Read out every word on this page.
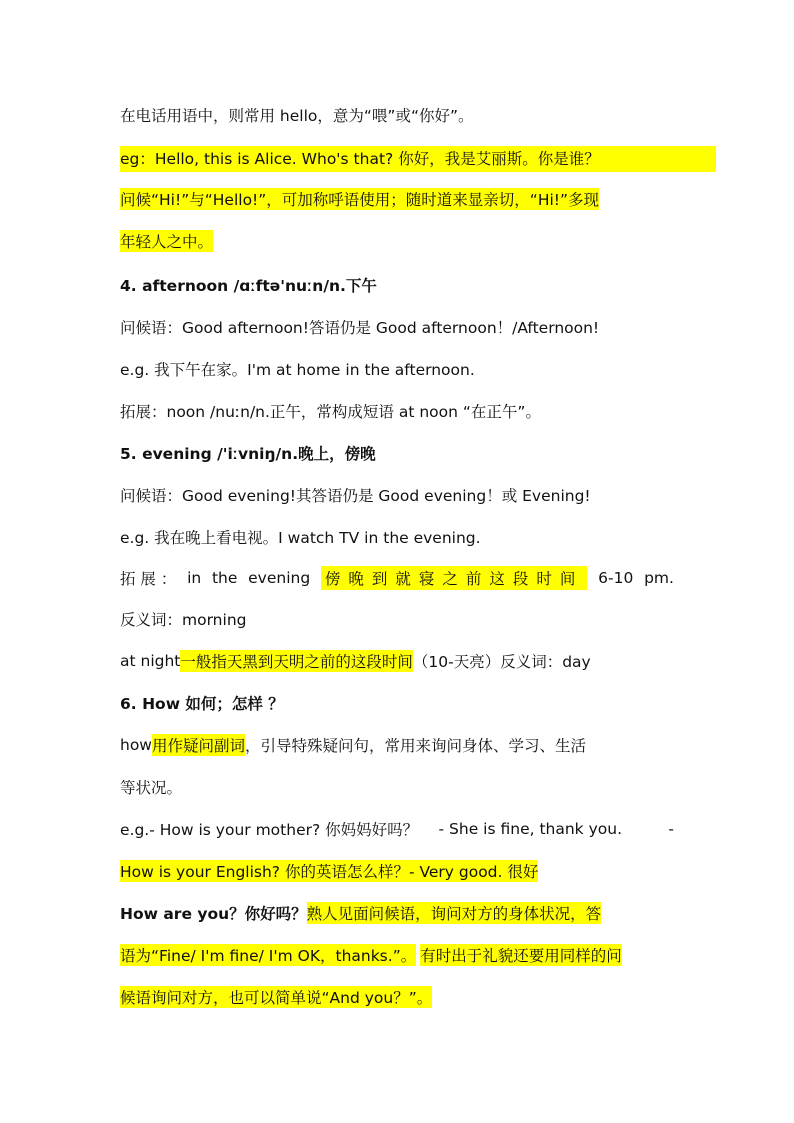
在电话用语中，则常用 hello，意为“喂”或“你好”。
eg：Hello, this is Alice. Who's that? 你好，我是艾丽斯。你是谁？
问候“Hi!”与“Hello!”，可加称呼语使用；随时道来显亲切，“Hi!”多现
年轻人之中。
4. afternoon /ɑːftə'nuːn/n.下午
问候语：Good afternoon!答语仍是 Good afternoon！/Afternoon!
e.g. 我下午在家。I'm at home in the afternoon.
拓展：noon /nuːn/n.正午，常构成短语 at noon “在正午”。
5. evening /'iːvniŋ/n.晚上，傍晚
问候语：Good evening!其答语仍是 Good evening！或 Evening!
e.g. 我在晚上看电视。I watch TV in the evening.
拓 展 ： in the evening 傍晚到就寝之前这段时间 6-10 pm.
反义词：morning
at night 一般指天黑到天明之前的这段时间 （10-天亮）反义词：day
6. How 如何；怎样 ？
how 用作疑问副词 ，引导特殊疑问句，常用来询问身体、学习、生活
等状况。
e.g.- How is your mother? 你妈妈好吗？ - She is fine, thank you.	-
How is your English? 你的英语怎么样？- Very good. 很好
How are you？你好吗？ 熟人见面问候语，询问对方的身体状况，答
语为“Fine/ I'm fine/ I'm OK，thanks.”。 有时出于礼貌还要用同样的问
候语询问对方，也可以简单说“And you？”。
